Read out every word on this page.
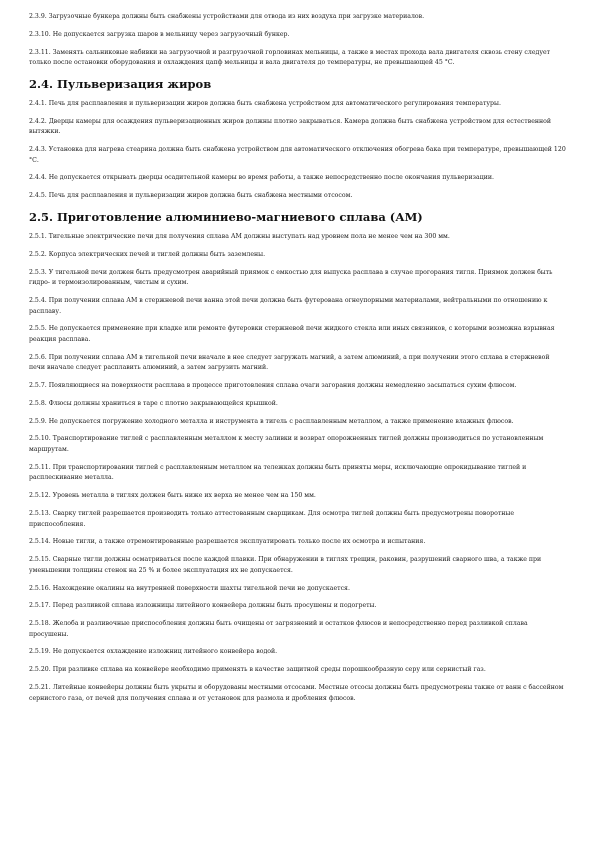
2.3.9. Загрузочные бункера должны быть снабжены устройствами для отвода из них воздуха при загрузке материалов.

2.3.10. Не допускается загрузка шаров в мельницу через загрузочный бункер.

2.3.11. Заменять сальниковые набивки на загрузочной и разгрузочной горловинах мельницы, а также в местах прохода вала двигателя сквозь стену следует только после остановки оборудования и охлаждения цапф мельницы и вала двигателя до температуры, не превышающей 45 °С.

2.4. Пульверизация жиров

2.4.1. Печь для расплавления и пульверизации жиров должна быть снабжена устройством для автоматического регулирования температуры.

2.4.2. Дверцы камеры для осаждения пульверизационных жиров должны плотно закрываться. Камера должна быть снабжена устройством для естественной вытяжки.

2.4.3. Установка для нагрева стеарина должна быть снабжена устройством для автоматического отключения обогрева бака при температуре, превышающей 120 °С.

2.4.4. Не допускается открывать дверцы осадительной камеры во время работы, а также непосредственно после окончания пульверизации.

2.4.5. Печь для расплавления и пульверизации жиров должна быть снабжена местными отсосом.

2.5. Приготовление алюминиево-магниевого сплава (АМ)

2.5.1. Тигельные электрические печи для получения сплава АМ должны выступать над уровнем пола не менее чем на 300 мм.

2.5.2. Корпуса электрических печей и тиглей должны быть заземлены.

2.5.3. У тигельной печи должен быть предусмотрен аварийный приямок с емкостью для выпуска расплава в случае прогорания тигля. Приямок должен быть гидро- и термоизолированным, чистым и сухим.

2.5.4. При получении сплава АМ в стержневой печи ванна этой печи должна быть футерована огнеупорными материалами, нейтральными по отношению к расплаву.

2.5.5. Не допускается применение при кладке или ремонте футеровки стержневой печи жидкого стекла или иных связников, с которыми возможна взрывная реакция расплава.

2.5.6. При получении сплава АМ в тигельной печи вначале в нее следует загружать магний, а затем алюминий, а при получении этого сплава в стержневой печи вначале следует расплавить алюминий, а затем загрузить магний.

2.5.7. Появляющиеся на поверхности расплава в процессе приготовления сплава очаги загорания должны немедленно засыпаться сухим флюсом.

2.5.8. Флюсы должны храниться в таре с плотно закрывающейся крышкой.

2.5.9. Не допускается погружение холодного металла и инструмента в тигель с расплавленным металлом, а также применение влажных флюсов.

2.5.10. Транспортирование тиглей с расплавленным металлом к месту заливки и возврат опорожненных тиглей должны производиться по установленным маршрутам.

2.5.11. При транспортировании тиглей с расплавленным металлом на тележках должны быть приняты меры, исключающие опрокидывание тиглей и расплескивание металла.

2.5.12. Уровень металла в тиглях должен быть ниже их верха не менее чем на 150 мм.

2.5.13. Сварку тиглей разрешается производить только аттестованным сварщикам. Для осмотра тиглей должны быть предусмотрены поворотные приспособления.

2.5.14. Новые тигли, а также отремонтированные разрешается эксплуатировать только после их осмотра и испытания.

2.5.15. Сварные тигли должны осматриваться после каждой плавки. При обнаружении в тиглях трещин, раковин, разрушений сварного шва, а также при уменьшении толщины стенок на 25 % и более эксплуатация их не допускается.

2.5.16. Нахождение окалины на внутренней поверхности шахты тигельной печи не допускается.

2.5.17. Перед разливкой сплава изложницы литейного конвейера должны быть просушены и подогреты.

2.5.18. Желоба и разливочные приспособления должны быть очищены от загрязнений и остатков флюсов и непосредственно перед разливкой сплава просушены.

2.5.19. Не допускается охлаждение изложниц литейного конвейера водой.

2.5.20. При разливке сплава на конвейере необходимо применять в качестве защитной среды порошкообразную серу или сернистый газ.

2.5.21. Литейные конвейеры должны быть укрыты и оборудованы местными отсосами. Местные отсосы должны быть предусмотрены также от ванн с бассейном сернистого газа, от печей для получения сплава и от установок для размола и дробления флюсов.
